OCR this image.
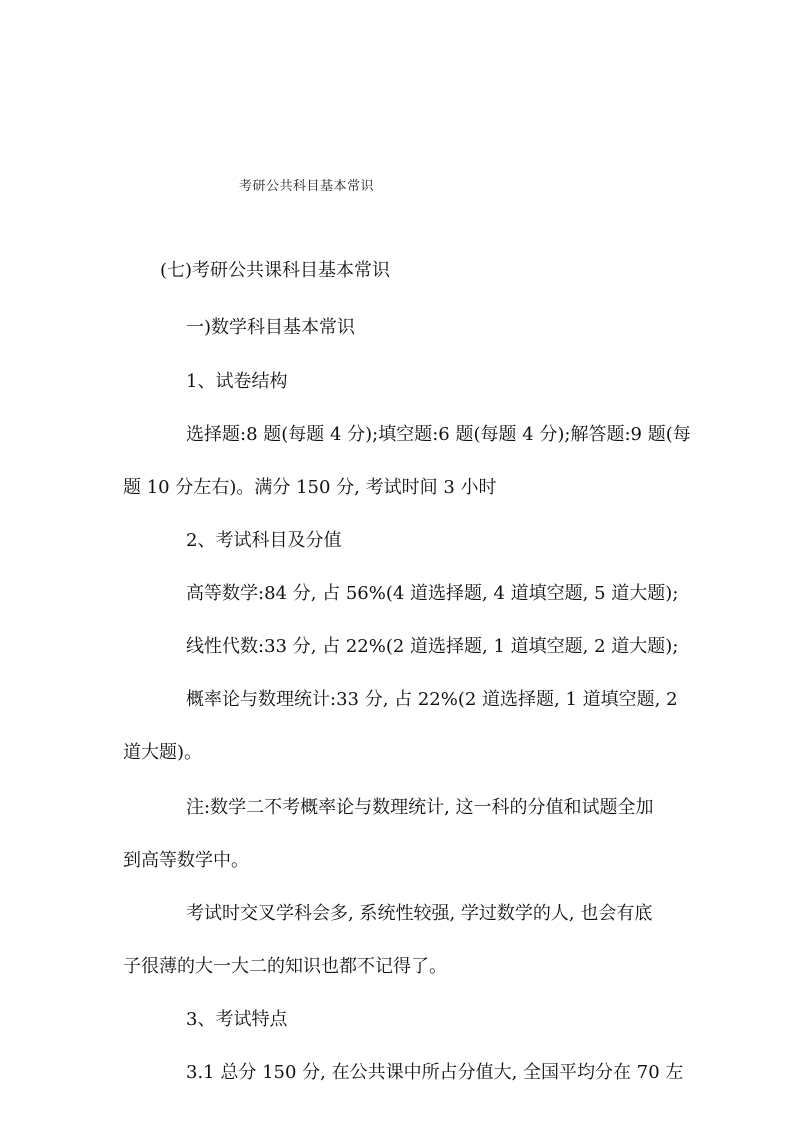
考研公共科目基本常识
(七)考研公共课科目基本常识
一)数学科目基本常识
1、试卷结构
选择题:8 题(每题 4 分);填空题:6 题(每题 4 分);解答题:9 题(每
题 10 分左右)。满分 150 分, 考试时间 3 小时
2、考试科目及分值
高等数学:84 分, 占 56%(4 道选择题, 4 道填空题, 5 道大题);
线性代数:33 分, 占 22%(2 道选择题, 1 道填空题, 2 道大题);
概率论与数理统计:33 分, 占 22%(2 道选择题, 1 道填空题, 2
道大题)。
注:数学二不考概率论与数理统计, 这一科的分值和试题全加
到高等数学中。
考试时交叉学科会多, 系统性较强, 学过数学的人, 也会有底
子很薄的大一大二的知识也都不记得了。
3、考试特点
3.1 总分 150 分, 在公共课中所占分值大, 全国平均分在 70 左
